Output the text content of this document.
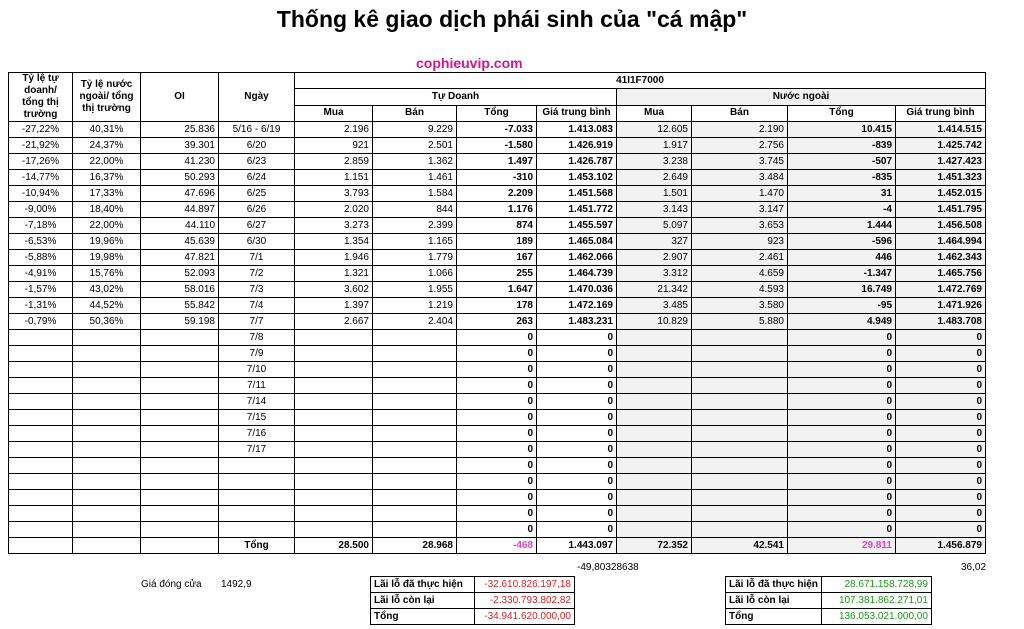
Thống kê giao dịch phái sinh của "cá mập"
cophieuvip.com
Tỷ lệ tự doanh/ tổng thị trường	Tỷ lệ nước ngoài/ tổng thị trường	OI	Ngày	41I1F7000							
				Tự Doanh				Nước ngoài			
				Mua	Bán	Tổng	Giá trung bình	Mua	Bán	Tổng	Giá trung bình
-27,22%	40,31%	25.836	5/16 - 6/19	2.196	9.229	-7.033	1.413.083	12.605	2.190	10.415	1.414.515
-21,92%	24,37%	39.301	6/20	921	2.501	-1.580	1.426.919	1.917	2.756	-839	1.425.742
-17,26%	22,00%	41.230	6/23	2.859	1.362	1.497	1.426.787	3.238	3.745	-507	1.427.423
-14,77%	16,37%	50.293	6/24	1.151	1.461	-310	1.453.102	2.649	3.484	-835	1.451.323
-10,94%	17,33%	47.696	6/25	3.793	1.584	2.209	1.451.568	1.501	1.470	31	1.452.015
-9,00%	18,40%	44.897	6/26	2.020	844	1.176	1.451.772	3.143	3.147	-4	1.451.795
-7,18%	22,00%	44.110	6/27	3.273	2.399	874	1.455.597	5.097	3.653	1.444	1.456.508
-6,53%	19,96%	45.639	6/30	1.354	1.165	189	1.465.084	327	923	-596	1.464.994
-5,88%	19,98%	47.821	7/1	1.946	1.779	167	1.462.066	2.907	2.461	446	1.462.343
-4,91%	15,76%	52.093	7/2	1.321	1.066	255	1.464.739	3.312	4.659	-1.347	1.465.756
-1,57%	43,02%	58.016	7/3	3.602	1.955	1.647	1.470.036	21.342	4.593	16.749	1.472.769
-1,31%	44,52%	55.842	7/4	1.397	1.219	178	1.472.169	3.485	3.580	-95	1.471.926
-0,79%	50,36%	59.198	7/7	2.667	2.404	263	1.483.231	10.829	5.880	4.949	1.483.708
			7/8			0	0			0	0
			7/9			0	0			0	0
			7/10			0	0			0	0
			7/11			0	0			0	0
			7/14			0	0			0	0
			7/15			0	0			0	0
			7/16			0	0			0	0
			7/17			0	0			0	0
						0	0			0	0
						0	0			0	0
						0	0			0	0
						0	0			0	0
						0	0			0	0
			Tổng	28.500	28.968	-468	1.443.097	72.352	42.541	29.811	1.456.879
-49,80328638	36,02
Giá đóng cửa 1492,9	Lãi lỗ đã thực hiện	-32.610.826.197,18
Lãi lỗ còn lại	-2.330.793.802,82
Tổng	-34.941.620.000,00
Lãi lỗ đã thực hiện	28.671.158.728,99
Lãi lỗ còn lại	107.381.862.271,01
Tổng	136.053.021.000,00
